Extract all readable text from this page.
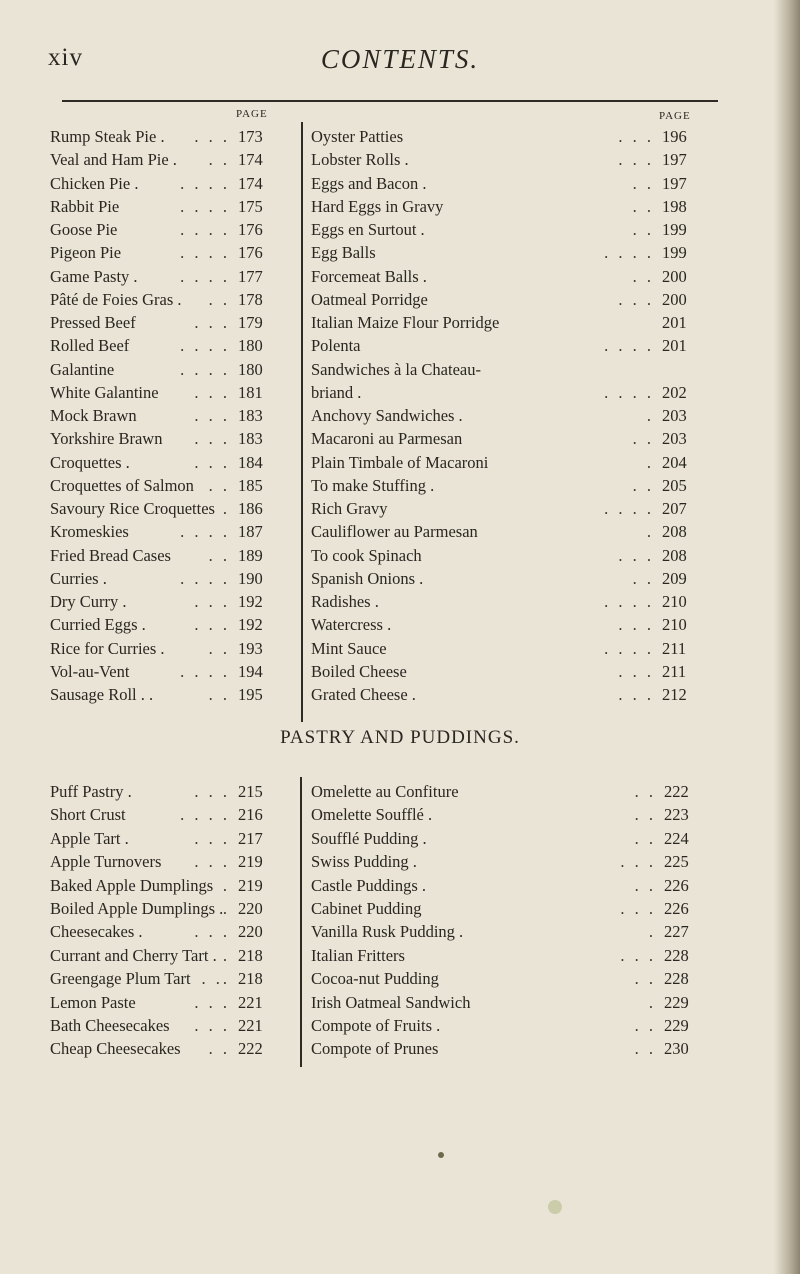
xiv	CONTENTS.
PAGE	PAGE
Rump Steak Pie . . . . 173
Veal and Ham Pie . . . 174
Chicken Pie .	. . . . 174
Rabbit Pie	. . . . 175
Goose Pie	. . . . 176
Pigeon Pie	. . . . 176
Game Pasty .	. . . . 177
Pâté de Foies Gras . . . 178
Pressed Beef	. . . 179
Rolled Beef	. . . . 180
Galantine	. . . . 180
White Galantine . . . 181
Mock Brawn	. . . 183
Yorkshire Brawn . . . 183
Croquettes .	. . . 184
Croquettes of Salmon . . 185
Savoury Rice Croquettes . 186
Kromeskies	. . . . 187
Fried Bread Cases . . 189
Curries .	. . . . 190
Dry Curry .	. . . 192
Curried Eggs .	. . . 192
Rice for Curries .	. . 193
Vol-au-Vent	. . . . 194
Sausage Roll . .	. . 195
Oyster Patties	. . . 196
Lobster Rolls .	. . . 197
Eggs and Bacon .	. . 197
Hard Eggs in Gravy	. . 198
Eggs en Surtout .	. . 199
Egg Balls	. . . . 199
Forcemeat Balls .	. . 200
Oatmeal Porridge	. . . 200
Italian Maize Flour Porridge	201
Polenta	. . . . 201
Sandwiches à la Chateau-
briand .	. . . . 202
Anchovy Sandwiches .	. 203
Macaroni au Parmesan	. . 203
Plain Timbale of Macaroni	. 204
To make Stuffing .	. . 205
Rich Gravy	. . . . 207
Cauliflower au Parmesan	. 208
To cook Spinach	. . . 208
Spanish Onions .	. . 209
Radishes .	. . . . 210
Watercress .	. . . 210
Mint Sauce	. . . . 211
Boiled Cheese	. . . 211
Grated Cheese .	. . . 212
PASTRY AND PUDDINGS.
Puff Pastry .	. . . 215
Short Crust	. . . . 216
Apple Tart .	. . . 217
Apple Turnovers . . . 219
Baked Apple Dumplings . 219
Boiled Apple Dumplings . . 220
Cheesecakes .	. . . 220
Currant and Cherry Tart . . 218
Greengage Plum Tart . .. 218
Lemon Paste	. . . 221
Bath Cheesecakes . . . 221
Cheap Cheesecakes . . 222
Omelette au Confiture	. . 222
Omelette Soufflé .	. . 223
Soufflé Pudding .	. . 224
Swiss Pudding .	. . . 225
Castle Puddings .	. . 226
Cabinet Pudding	. . . 226
Vanilla Rusk Pudding .	. 227
Italian Fritters	. . . 228
Cocoa-nut Pudding	. . 228
Irish Oatmeal Sandwich	. 229
Compote of Fruits .	. . 229
Compote of Prunes	. . 230
